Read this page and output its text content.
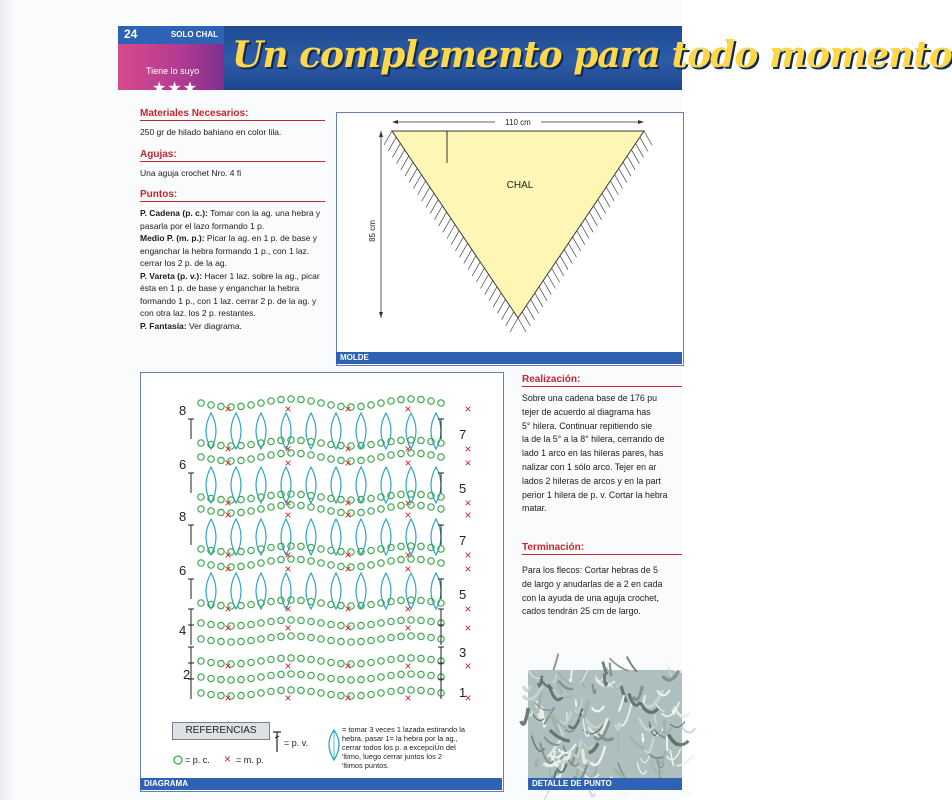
24	SOLO CHAL
Tiene lo suyo
★★★
Un complemento para todo momento
Materiales Necesarios:
250 gr de hilado bahiano en color lila.
Agujas:
Una aguja crochet Nro. 4 fi
Puntos:
P. Cadena (p. c.): Tomar con la ag. una hebra y pasarla por el lazo formando 1 p.
Medio P. (m. p.): Picar la ag. en 1 p. de base y enganchar la hebra formando 1 p., con 1 laz. cerrar los 2 p. de la ag.
P. Vareta (p. v.): Hacer 1 laz. sobre la ag., picar ésta en 1 p. de base y enganchar la hebra formando 1 p., con 1 laz. cerrar 2 p. de la ag. y con otra laz. los 2 p. restantes.
P. Fantasía: Ver diagrama.
110 cm
85 cm
CHAL
MOLDE
×	×	×	×	×
×	×	×	×	×
×	×	×	×	×
×	×	×	×	×
×	×	×	×	×
×	×	×	×	×
×	×	×	×	×
×	×	×	×	×
×	×	×	×	×
×	×	×	×	×
×	×	×	×	×
8
6
8
6
4
2
7
5
7
5
3
1
REFERENCIAS
= p. c. × = m. p.
= p. v.
= tomar 3 veces 1 lazada estirando la
hebra, pasar 1= la hebra por la ag.,
cerrar todos los p. a excepciÜn del
'ltimo, luego cerrar juntos los 2
'ltimos puntos.
DIAGRAMA
Realización:
Sobre una cadena base de 176 pu
tejer de acuerdo al diagrama has
5° hilera. Continuar repitiendo sie
la de la 5° a la 8° hilera, cerrando de
lado 1 arco en las hileras pares, has
nalizar con 1 sólo arco. Tejer en ar
lados 2 hileras de arcos y en la part
perior 1 hilera de p. v. Cortar la hebra
matar.
Terminación:
Para los flecos: Cortar hebras de 5
de largo y anudarlas de a 2 en cada
con la ayuda de una aguja crochet,
cados tendrán 25 cm de largo.
DETALLE DE PUNTO
